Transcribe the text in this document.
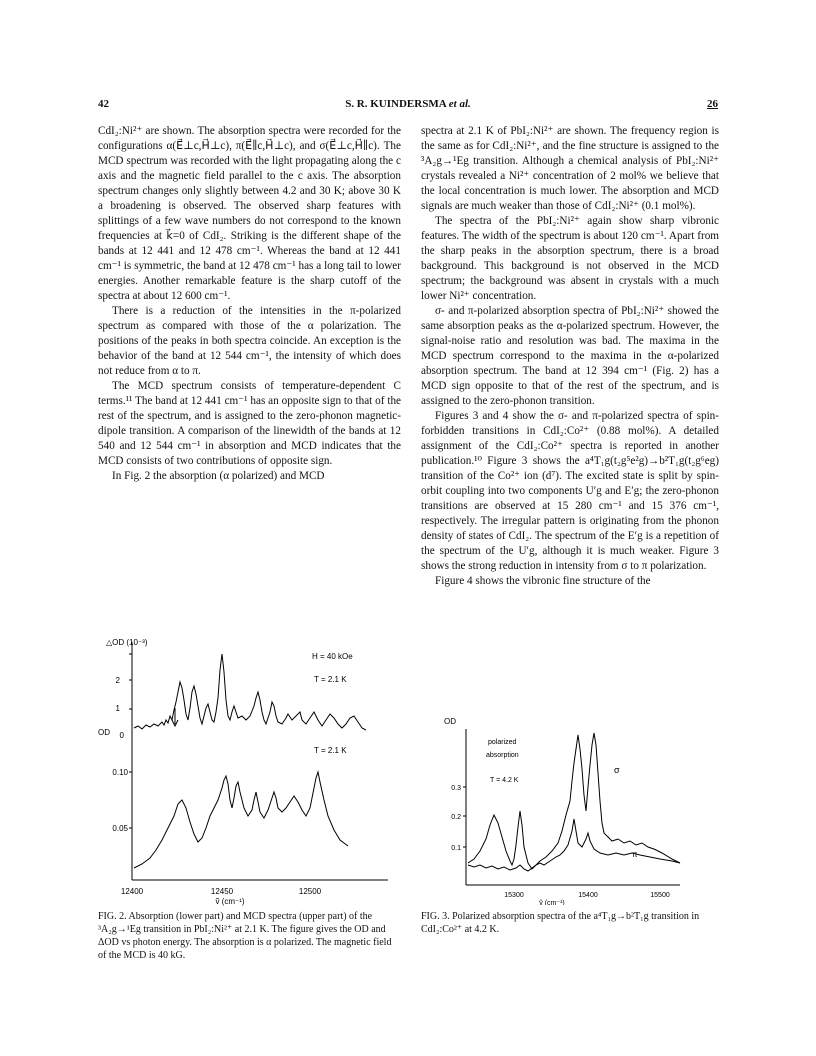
42	S. R. KUINDERSMA et al.	26

CdI₂:Ni²⁺ are shown. The absorption spectra were recorded for the configurations α(E⃗⊥c,H⃗⊥c), π(E⃗∥c,H⃗⊥c), and σ(E⃗⊥c,H⃗∥c). The MCD spectrum was recorded with the light propagating along the c axis and the magnetic field parallel to the c axis. The absorption spectrum changes only slightly between 4.2 and 30 K; above 30 K a broadening is observed. The observed sharp features with splittings of a few wave numbers do not correspond to the known frequencies at k⃗=0 of CdI₂. Striking is the different shape of the bands at 12 441 and 12 478 cm⁻¹. Whereas the band at 12 441 cm⁻¹ is symmetric, the band at 12 478 cm⁻¹ has a long tail to lower energies. Another remarkable feature is the sharp cutoff of the spectra at about 12 600 cm⁻¹.

There is a reduction of the intensities in the π-polarized spectrum as compared with those of the α polarization. The positions of the peaks in both spectra coincide. An exception is the behavior of the band at 12 544 cm⁻¹, the intensity of which does not reduce from α to π.

The MCD spectrum consists of temperature-dependent C terms.¹¹ The band at 12 441 cm⁻¹ has an opposite sign to that of the rest of the spectrum, and is assigned to the zero-phonon magnetic-dipole transition. A comparison of the linewidth of the bands at 12 540 and 12 544 cm⁻¹ in absorption and MCD indicates that the MCD consists of two contributions of opposite sign.

In Fig. 2 the absorption (α polarized) and MCD

spectra at 2.1 K of PbI₂:Ni²⁺ are shown. The frequency region is the same as for CdI₂:Ni²⁺, and the fine structure is assigned to the ³A₂g→¹Eg transition. Although a chemical analysis of PbI₂:Ni²⁺ crystals revealed a Ni²⁺ concentration of 2 mol% we believe that the local concentration is much lower. The absorption and MCD signals are much weaker than those of CdI₂:Ni²⁺ (0.1 mol%).

The spectra of the PbI₂:Ni²⁺ again show sharp vibronic features. The width of the spectrum is about 120 cm⁻¹. Apart from the sharp peaks in the absorption spectrum, there is a broad background. This background is not observed in the MCD spectrum; the background was absent in crystals with a much lower Ni²⁺ concentration.

σ- and π-polarized absorption spectra of PbI₂:Ni²⁺ showed the same absorption peaks as the α-polarized spectrum. However, the signal-noise ratio and resolution was bad. The maxima in the MCD spectrum correspond to the maxima in the α-polarized absorption spectrum. The band at 12 394 cm⁻¹ (Fig. 2) has a MCD sign opposite to that of the rest of the spectrum, and is assigned to the zero-phonon transition.

Figures 3 and 4 show the σ- and π-polarized spectra of spin-forbidden transitions in CdI₂:Co²⁺ (0.88 mol%). A detailed assignment of the CdI₂:Co²⁺ spectra is reported in another publication.¹⁰ Figure 3 shows the a⁴T₁g(t₂g⁵e²g)→b²T₁g(t₂g⁶eg) transition of the Co²⁺ ion (d⁷). The excited state is split by spin-orbit coupling into two components U′g and E′g; the zero-phonon transitions are observed at 15 280 cm⁻¹ and 15 376 cm⁻¹, respectively. The irregular pattern is originating from the phonon density of states of CdI₂. The spectrum of the E′g is a repetition of the spectrum of the U′g, although it is much weaker. Figure 3 shows the strong reduction in intensity from σ to π polarization.

Figure 4 shows the vibronic fine structure of the

△OD (10⁻³)
H = 40 kOe
T = 2.1 K
OD
T = 2.1 K
2
1
0
0.10
0.05
12400	12450	12500
ṽ (cm⁻¹)
FIG. 2. Absorption (lower part) and MCD spectra (upper part) of the ³A₂g→¹Eg transition in PbI₂:Ni²⁺ at 2.1 K. The figure gives the OD and ΔOD vs photon energy. The absorption is α polarized. The magnetic field of the MCD is 40 kG.
OD
0.3
0.2
0.1
polarized
absorption
T = 4.2 K
σ
π
15300	15400	15500
ṽ (cm⁻¹)
FIG. 3. Polarized absorption spectra of the a⁴T₁g→b²T₁g transition in CdI₂:Co²⁺ at 4.2 K.
